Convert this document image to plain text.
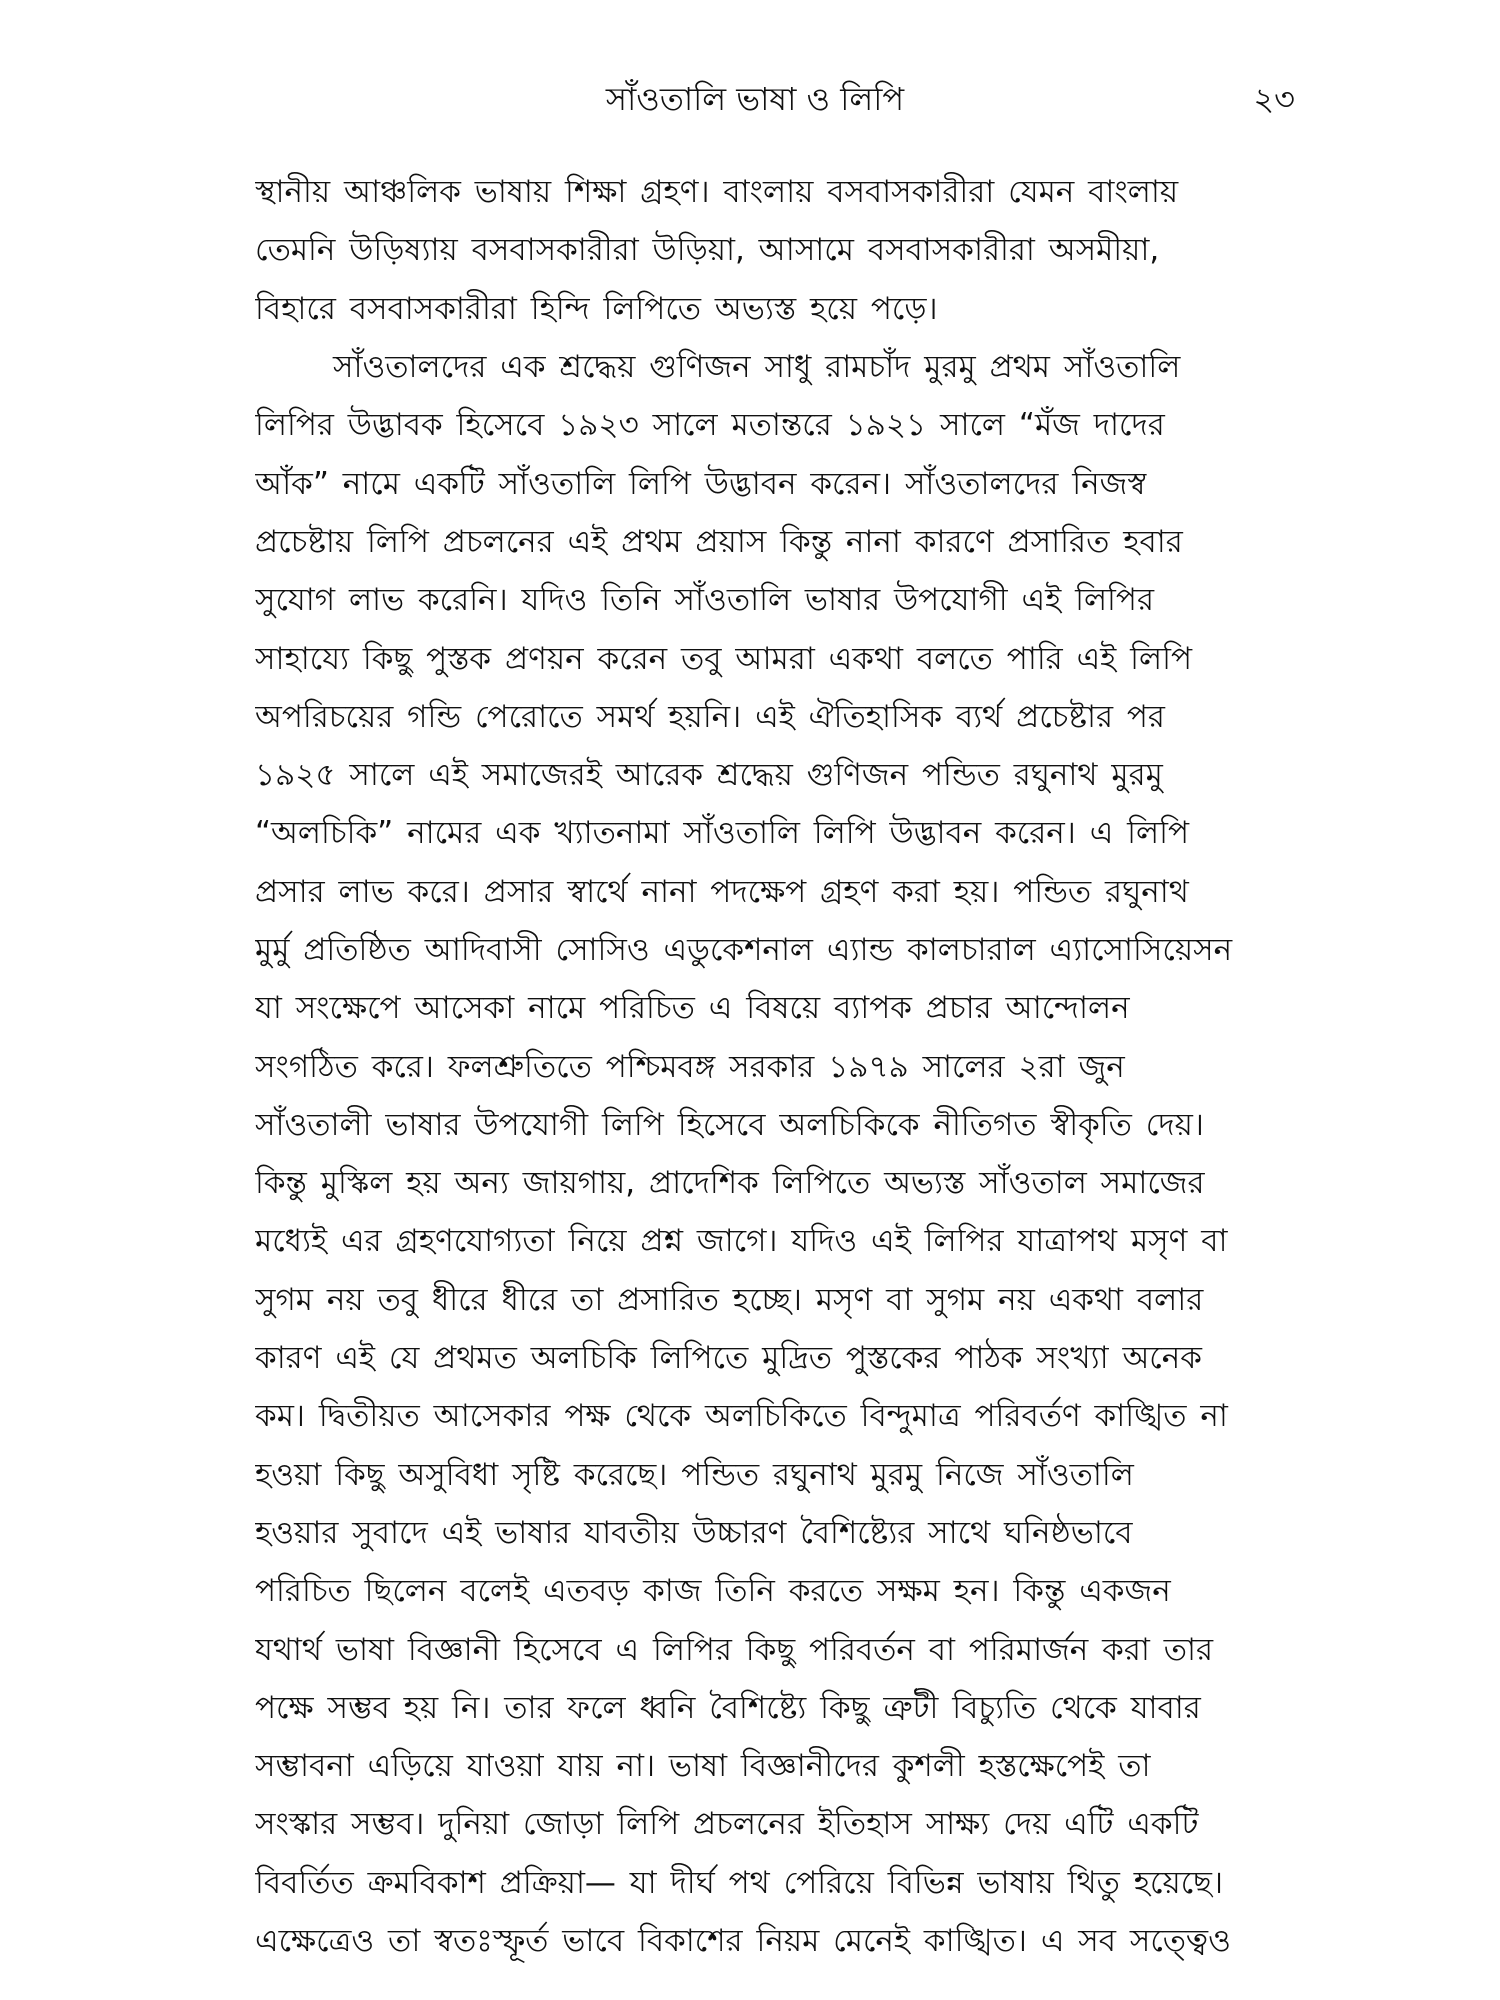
সাঁওতালি ভাষা ও লিপি	২৩
স্থানীয় আঞ্চলিক ভাষায় শিক্ষা গ্রহণ। বাংলায় বসবাসকারীরা যেমন বাংলায়
তেমনি উড়িষ্যায় বসবাসকারীরা উড়িয়া, আসামে বসবাসকারীরা অসমীয়া,
বিহারে বসবাসকারীরা হিন্দি লিপিতে অভ্যস্ত হয়ে পড়ে।
সাঁওতালদের এক শ্রদ্ধেয় গুণিজন সাধু রামচাঁদ মুরমু প্রথম সাঁওতালি
লিপির উদ্ভাবক হিসেবে ১৯২৩ সালে মতান্তরে ১৯২১ সালে “মঁজ দাদের
আঁক” নামে একটি সাঁওতালি লিপি উদ্ভাবন করেন। সাঁওতালদের নিজস্ব
প্রচেষ্টায় লিপি প্রচলনের এই প্রথম প্রয়াস কিন্তু নানা কারণে প্রসারিত হবার
সুযোগ লাভ করেনি। যদিও তিনি সাঁওতালি ভাষার উপযোগী এই লিপির
সাহায্যে কিছু পুস্তক প্রণয়ন করেন তবু আমরা একথা বলতে পারি এই লিপি
অপরিচয়ের গন্ডি পেরোতে সমর্থ হয়নি। এই ঐতিহাসিক ব্যর্থ প্রচেষ্টার পর
১৯২৫ সালে এই সমাজেরই আরেক শ্রদ্ধেয় গুণিজন পন্ডিত রঘুনাথ মুরমু
“অলচিকি” নামের এক খ্যাতনামা সাঁওতালি লিপি উদ্ভাবন করেন। এ লিপি
প্রসার লাভ করে। প্রসার স্বার্থে নানা পদক্ষেপ গ্রহণ করা হয়। পন্ডিত রঘুনাথ
মুর্মু প্রতিষ্ঠিত আদিবাসী সোসিও এডুকেশনাল এ্যান্ড কালচারাল এ্যাসোসিয়েসন
যা সংক্ষেপে আসেকা নামে পরিচিত এ বিষয়ে ব্যাপক প্রচার আন্দোলন
সংগঠিত করে। ফলশ্রুতিতে পশ্চিমবঙ্গ সরকার ১৯৭৯ সালের ২রা জুন
সাঁওতালী ভাষার উপযোগী লিপি হিসেবে অলচিকিকে নীতিগত স্বীকৃতি দেয়।
কিন্তু মুস্কিল হয় অন্য জায়গায়, প্রাদেশিক লিপিতে অভ্যস্ত সাঁওতাল সমাজের
মধ্যেই এর গ্রহণযোগ্যতা নিয়ে প্রশ্ন জাগে। যদিও এই লিপির যাত্রাপথ মসৃণ বা
সুগম নয় তবু ধীরে ধীরে তা প্রসারিত হচ্ছে। মসৃণ বা সুগম নয় একথা বলার
কারণ এই যে প্রথমত অলচিকি লিপিতে মুদ্রিত পুস্তকের পাঠক সংখ্যা অনেক
কম। দ্বিতীয়ত আসেকার পক্ষ থেকে অলচিকিতে বিন্দুমাত্র পরিবর্তণ কাঙ্খিত না
হওয়া কিছু অসুবিধা সৃষ্টি করেছে। পন্ডিত রঘুনাথ মুরমু নিজে সাঁওতালি
হওয়ার সুবাদে এই ভাষার যাবতীয় উচ্চারণ বৈশিষ্ট্যের সাথে ঘনিষ্ঠভাবে
পরিচিত ছিলেন বলেই এতবড় কাজ তিনি করতে সক্ষম হন। কিন্তু একজন
যথার্থ ভাষা বিজ্ঞানী হিসেবে এ লিপির কিছু পরিবর্তন বা পরিমার্জন করা তার
পক্ষে সম্ভব হয় নি। তার ফলে ধ্বনি বৈশিষ্ট্যে কিছু ত্রুটী বিচ্যুতি থেকে যাবার
সম্ভাবনা এড়িয়ে যাওয়া যায় না। ভাষা বিজ্ঞানীদের কুশলী হস্তক্ষেপেই তা
সংস্কার সম্ভব। দুনিয়া জোড়া লিপি প্রচলনের ইতিহাস সাক্ষ্য দেয় এটি একটি
বিবর্তিত ক্রমবিকাশ প্রক্রিয়া— যা দীর্ঘ পথ পেরিয়ে বিভিন্ন ভাষায় থিতু হয়েছে।
এক্ষেত্রেও তা স্বতঃস্ফূর্ত ভাবে বিকাশের নিয়ম মেনেই কাঙ্খিত। এ সব সত্ত্বেও
